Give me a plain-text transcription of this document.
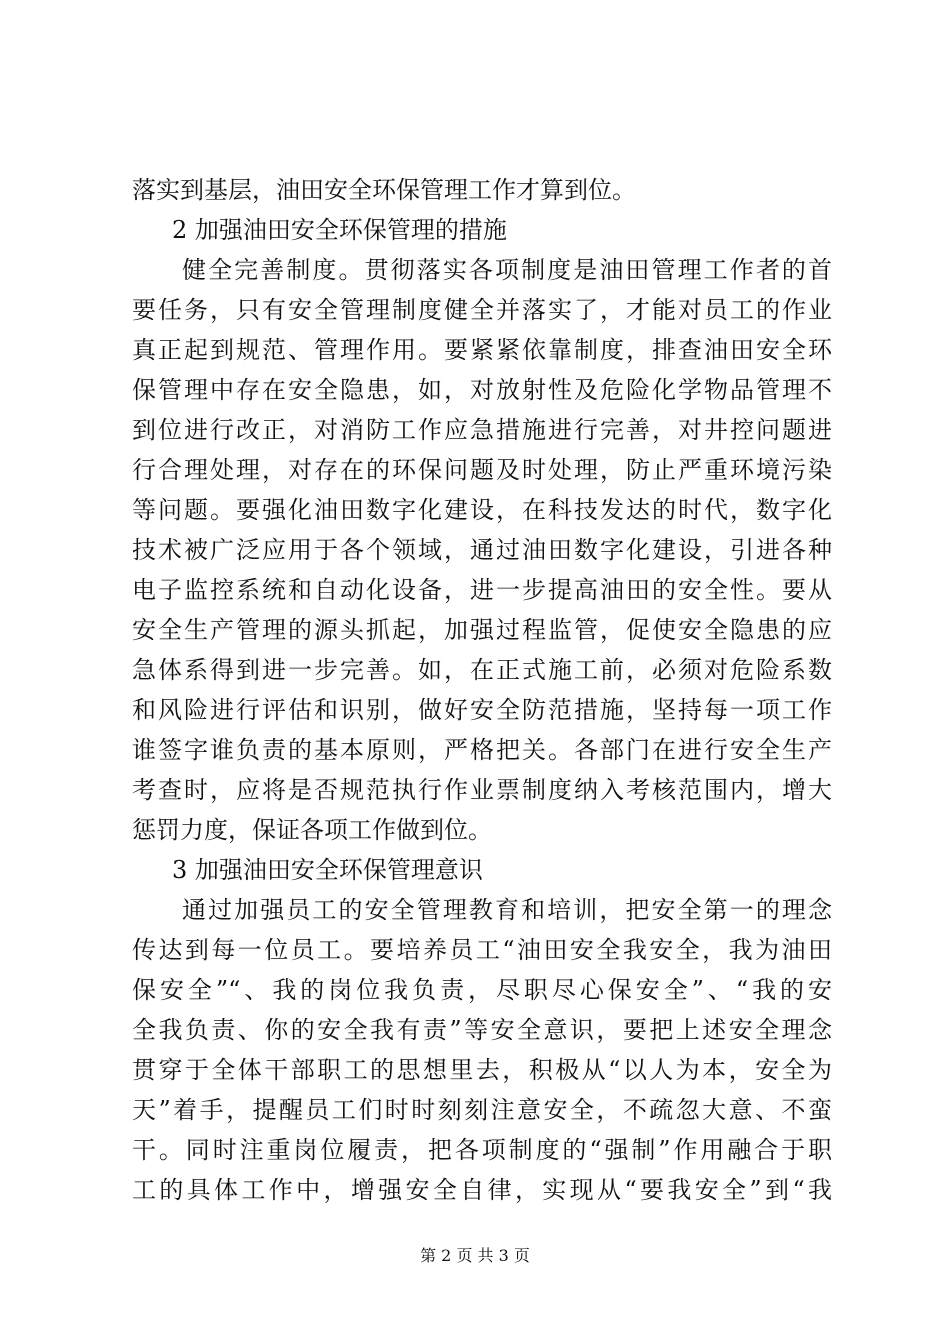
落实到基层，油田安全环保管理工作才算到位。
2 加强油田安全环保管理的措施
健全完善制度。贯彻落实各项制度是油田管理工作者的首
要任务，只有安全管理制度健全并落实了，才能对员工的作业
真正起到规范、管理作用。要紧紧依靠制度，排查油田安全环
保管理中存在安全隐患，如，对放射性及危险化学物品管理不
到位进行改正，对消防工作应急措施进行完善，对井控问题进
行合理处理，对存在的环保问题及时处理，防止严重环境污染
等问题。要强化油田数字化建设，在科技发达的时代，数字化
技术被广泛应用于各个领域，通过油田数字化建设，引进各种
电子监控系统和自动化设备，进一步提高油田的安全性。要从
安全生产管理的源头抓起，加强过程监管，促使安全隐患的应
急体系得到进一步完善。如，在正式施工前，必须对危险系数
和风险进行评估和识别，做好安全防范措施，坚持每一项工作
谁签字谁负责的基本原则，严格把关。各部门在进行安全生产
考查时，应将是否规范执行作业票制度纳入考核范围内，增大
惩罚力度，保证各项工作做到位。
3 加强油田安全环保管理意识
通过加强员工的安全管理教育和培训，把安全第一的理念
传达到每一位员工。要培养员工“油田安全我安全，我为油田
保安全”“、我的岗位我负责，尽职尽心保安全”、“我的安
全我负责、你的安全我有责”等安全意识，要把上述安全理念
贯穿于全体干部职工的思想里去，积极从“以人为本，安全为
天”着手，提醒员工们时时刻刻注意安全，不疏忽大意、不蛮
干。同时注重岗位履责，把各项制度的“强制”作用融合于职
工的具体工作中，增强安全自律，实现从“要我安全”到“我
第 2 页 共 3 页
